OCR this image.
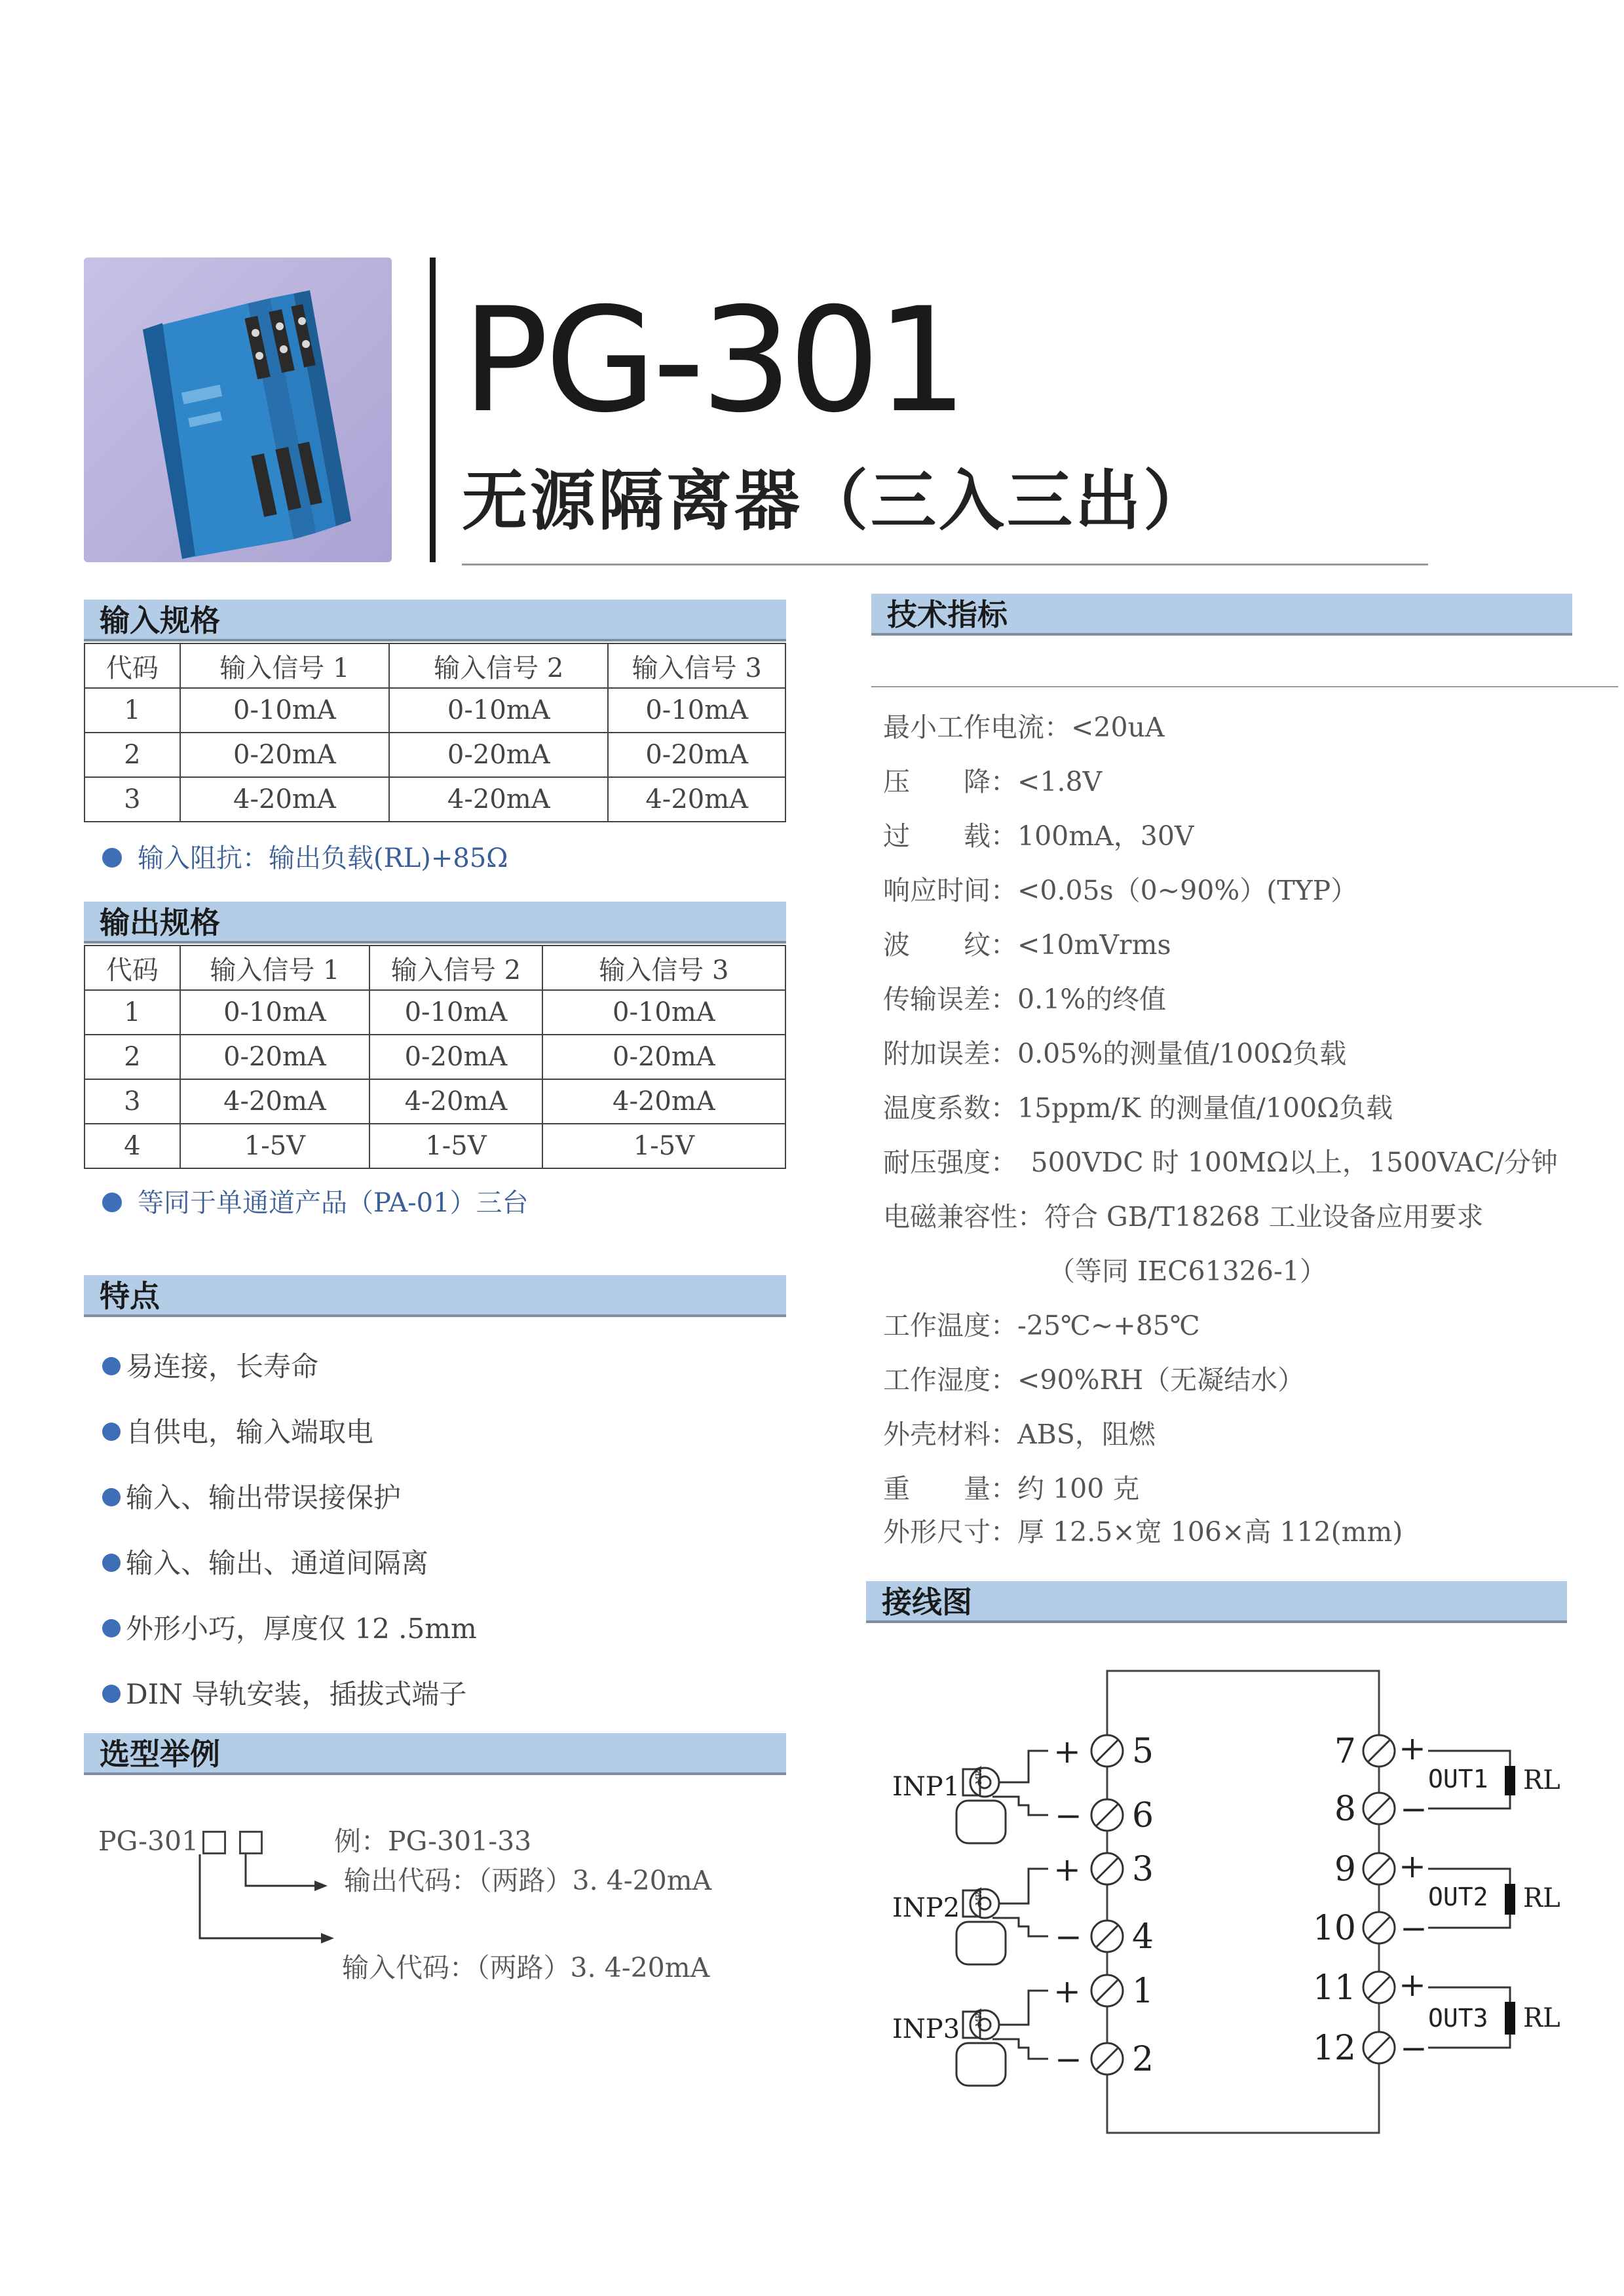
PG-301
无源隔离器（三入三出）
输入规格
代码	输入信号 1	输入信号 2	输入信号 3
1	0-10mA	0-10mA	0-10mA
2	0-20mA	0-20mA	0-20mA
3	4-20mA	4-20mA	4-20mA
输入阻抗：输出负载(RL)+85Ω
输出规格
代码	输入信号 1	输入信号 2	输入信号 3
1	0-10mA	0-10mA	0-10mA
2	0-20mA	0-20mA	0-20mA
3	4-20mA	4-20mA	4-20mA
4	1-5V	1-5V	1-5V
等同于单通道产品（PA-01）三台
特点
易连接，长寿命
自供电，输入端取电
输入、输出带误接保护
输入、输出、通道间隔离
外形小巧，厚度仅 12 .5mm
DIN 导轨安装，插拔式端子
选型举例
PG-301	例：PG-301-33
输出代码：（两路）3. 4-20mA
输入代码：（两路）3. 4-20mA
技术指标
最小工作电流：<20uA
压　　降：<1.8V
过　　载：100mA，30V
响应时间：<0.05s（0~90%）(TYP）
波　　纹：<10mVrms
传输误差：0.1%的终值
附加误差：0.05%的测量值/100Ω负载
温度系数：15ppm/K 的测量值/100Ω负载
耐压强度：　500VDC 时 100MΩ以上，1500VAC/分钟
电磁兼容性：符合 GB/T18268 工业设备应用要求
（等同 IEC61326-1）
工作温度：-25℃~+85℃
工作湿度：<90%RH（无凝结水）
外壳材料：ABS，阻燃
重　　量：约 100 克
外形尺寸：厚 12.5×宽 106×高 112(mm)
接线图
INP1
INP2
INP3
MPA
MPA
MPA
+
−
+
−
+
−
5
6
3
4
1
2
7
8
9
10
11
12
+
−
+
−
+
−
OUT1
OUT2
OUT3
RL
RL
RL
